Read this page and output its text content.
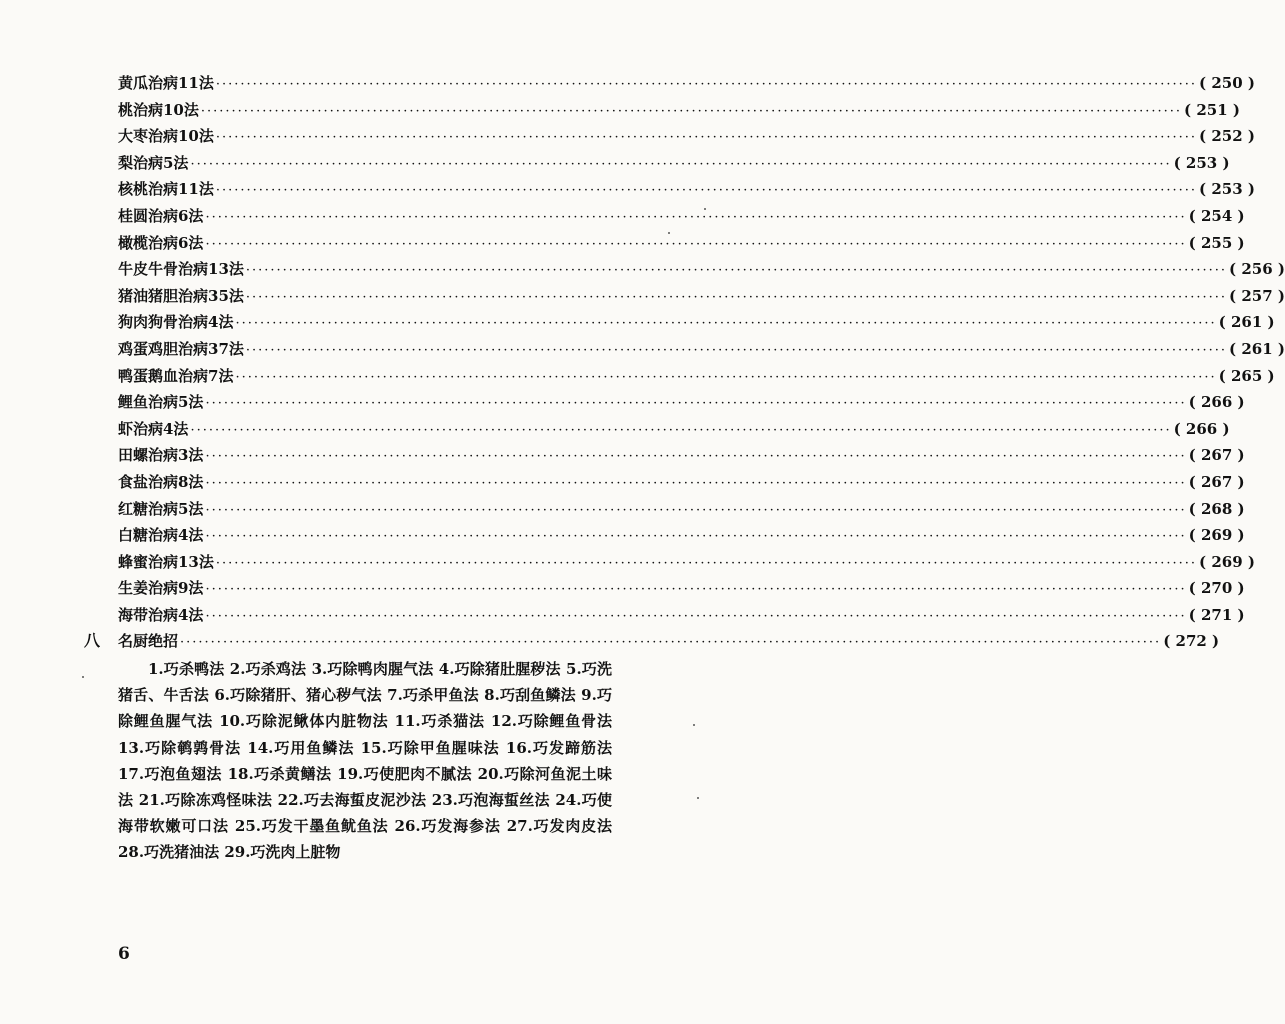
黄瓜治病11法 ································································································································································ ( 250 )
桃治病10法 ································································································································································ ( 251 )
大枣治病10法 ································································································································································ ( 252 )
梨治病5法 ································································································································································ ( 253 )
核桃治病11法 ································································································································································ ( 253 )
桂圆治病6法 ································································································································································ ( 254 )
橄榄治病6法 ································································································································································ ( 255 )
牛皮牛骨治病13法 ································································································································································ ( 256 )
猪油猪胆治病35法 ································································································································································ ( 257 )
狗肉狗骨治病4法 ································································································································································ ( 261 )
鸡蛋鸡胆治病37法 ································································································································································ ( 261 )
鸭蛋鹅血治病7法 ································································································································································ ( 265 )
鲤鱼治病5法 ································································································································································ ( 266 )
虾治病4法 ································································································································································ ( 266 )
田螺治病3法 ································································································································································ ( 267 )
食盐治病8法 ································································································································································ ( 267 )
红糖治病5法 ································································································································································ ( 268 )
白糖治病4法 ································································································································································ ( 269 )
蜂蜜治病13法 ································································································································································ ( 269 )
生姜治病9法 ································································································································································ ( 270 )
海带治病4法 ································································································································································ ( 271 )
八 名厨绝招 ································································································································································ ( 272 )

1.巧杀鸭法 2.巧杀鸡法 3.巧除鸭肉腥气法 4.巧除猪肚腥秽法 5.巧洗猪舌、牛舌法 6.巧除猪肝、猪心秽气法 7.巧杀甲鱼法 8.巧刮鱼鳞法 9.巧除鲤鱼腥气法 10.巧除泥鳅体内脏物法 11.巧杀猫法 12.巧除鲤鱼骨法 13.巧除鹌鹑骨法 14.巧用鱼鳞法 15.巧除甲鱼腥味法 16.巧发蹄筋法 17.巧泡鱼翅法 18.巧杀黄鳝法 19.巧使肥肉不腻法 20.巧除河鱼泥土味法 21.巧除冻鸡怪味法 22.巧去海蜇皮泥沙法 23.巧泡海蜇丝法 24.巧使海带软嫩可口法 25.巧发干墨鱼鱿鱼法 26.巧发海参法 27.巧发肉皮法 28.巧洗猪油法 29.巧洗肉上脏物

6
